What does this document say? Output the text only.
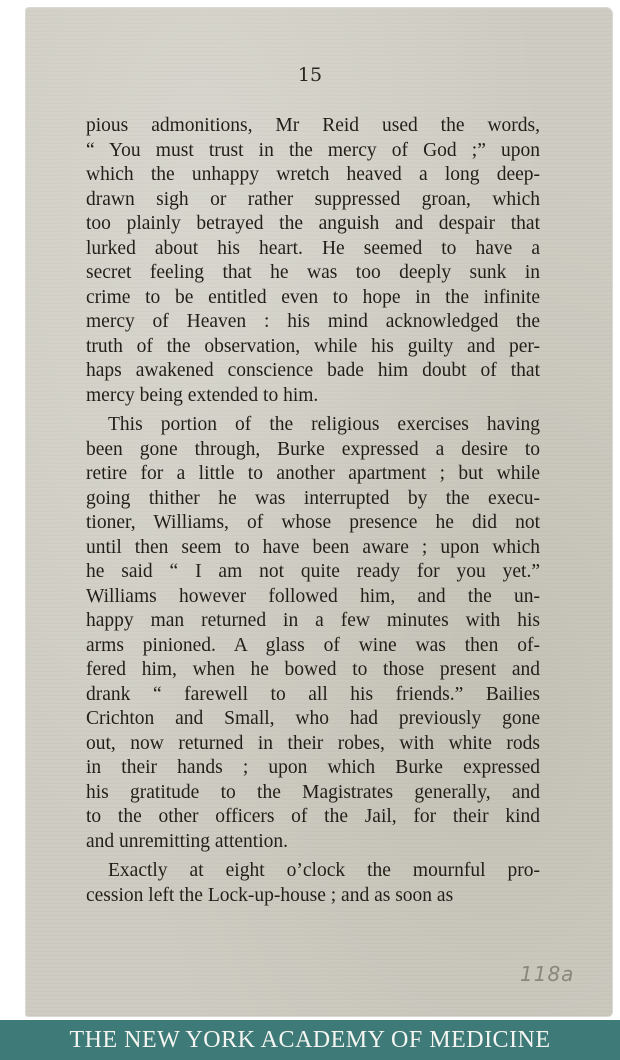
15
pious admonitions, Mr Reid used the words,
“ You must trust in the mercy of God ;” upon
which the unhappy wretch heaved a long deep-
drawn sigh or rather suppressed groan, which
too plainly betrayed the anguish and despair that
lurked about his heart. He seemed to have a
secret feeling that he was too deeply sunk in
crime to be entitled even to hope in the infinite
mercy of Heaven : his mind acknowledged the
truth of the observation, while his guilty and per-
haps awakened conscience bade him doubt of that
mercy being extended to him.
This portion of the religious exercises having
been gone through, Burke expressed a desire to
retire for a little to another apartment ; but while
going thither he was interrupted by the execu-
tioner, Williams, of whose presence he did not
until then seem to have been aware ; upon which
he said “ I am not quite ready for you yet.”
Williams however followed him, and the un-
happy man returned in a few minutes with his
arms pinioned. A glass of wine was then of-
fered him, when he bowed to those present and
drank “ farewell to all his friends.” Bailies
Crichton and Small, who had previously gone
out, now returned in their robes, with white rods
in their hands ; upon which Burke expressed
his gratitude to the Magistrates generally, and
to the other officers of the Jail, for their kind
and unremitting attention.
Exactly at eight o’clock the mournful pro-
cession left the Lock-up-house ; and as soon as
118a
THE NEW YORK ACADEMY OF MEDICINE
